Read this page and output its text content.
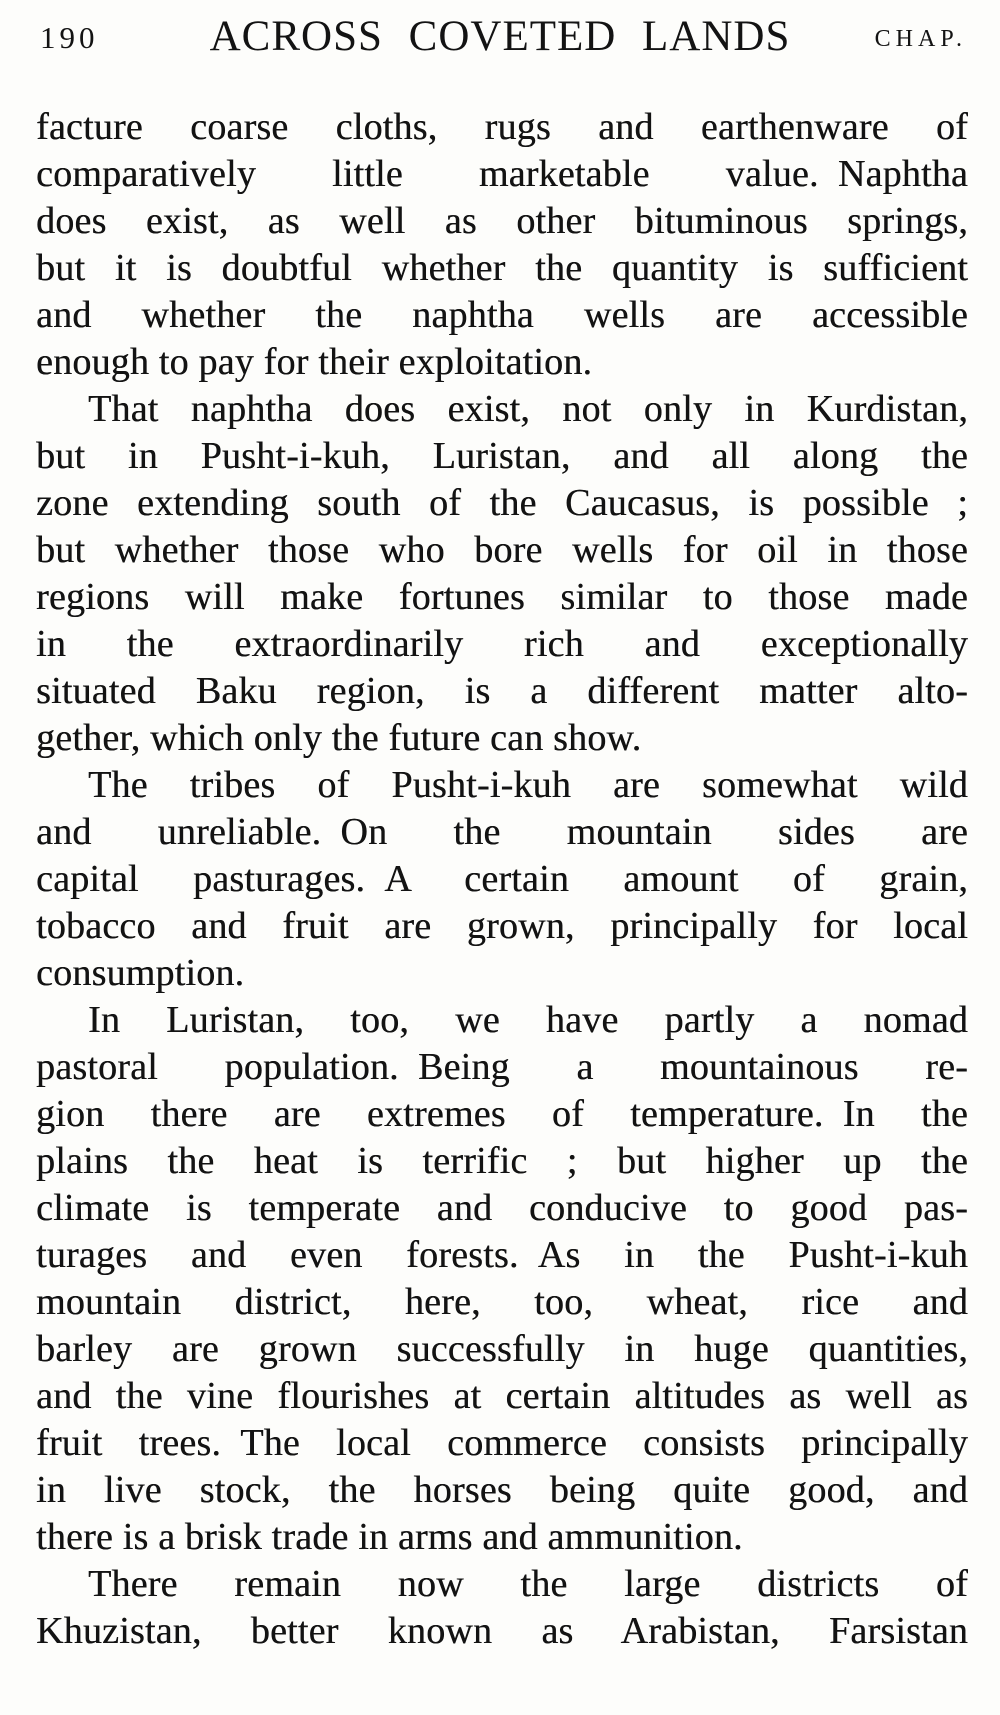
190	ACROSS COVETED LANDS	CHAP.
facture coarse cloths, rugs and earthenware of
comparatively little marketable value. Naphtha
does exist, as well as other bituminous springs,
but it is doubtful whether the quantity is sufficient
and whether the naphtha wells are accessible
enough to pay for their exploitation.
That naphtha does exist, not only in Kurdistan,
but in Pusht-i-kuh, Luristan, and all along the
zone extending south of the Caucasus, is possible ;
but whether those who bore wells for oil in those
regions will make fortunes similar to those made
in the extraordinarily rich and exceptionally
situated Baku region, is a different matter alto-
gether, which only the future can show.
The tribes of Pusht-i-kuh are somewhat wild
and unreliable. On the mountain sides are
capital pasturages. A certain amount of grain,
tobacco and fruit are grown, principally for local
consumption.
In Luristan, too, we have partly a nomad
pastoral population. Being a mountainous re-
gion there are extremes of temperature. In the
plains the heat is terrific ; but higher up the
climate is temperate and conducive to good pas-
turages and even forests. As in the Pusht-i-kuh
mountain district, here, too, wheat, rice and
barley are grown successfully in huge quantities,
and the vine flourishes at certain altitudes as well as
fruit trees. The local commerce consists principally
in live stock, the horses being quite good, and
there is a brisk trade in arms and ammunition.
There remain now the large districts of
Khuzistan, better known as Arabistan, Farsistan
